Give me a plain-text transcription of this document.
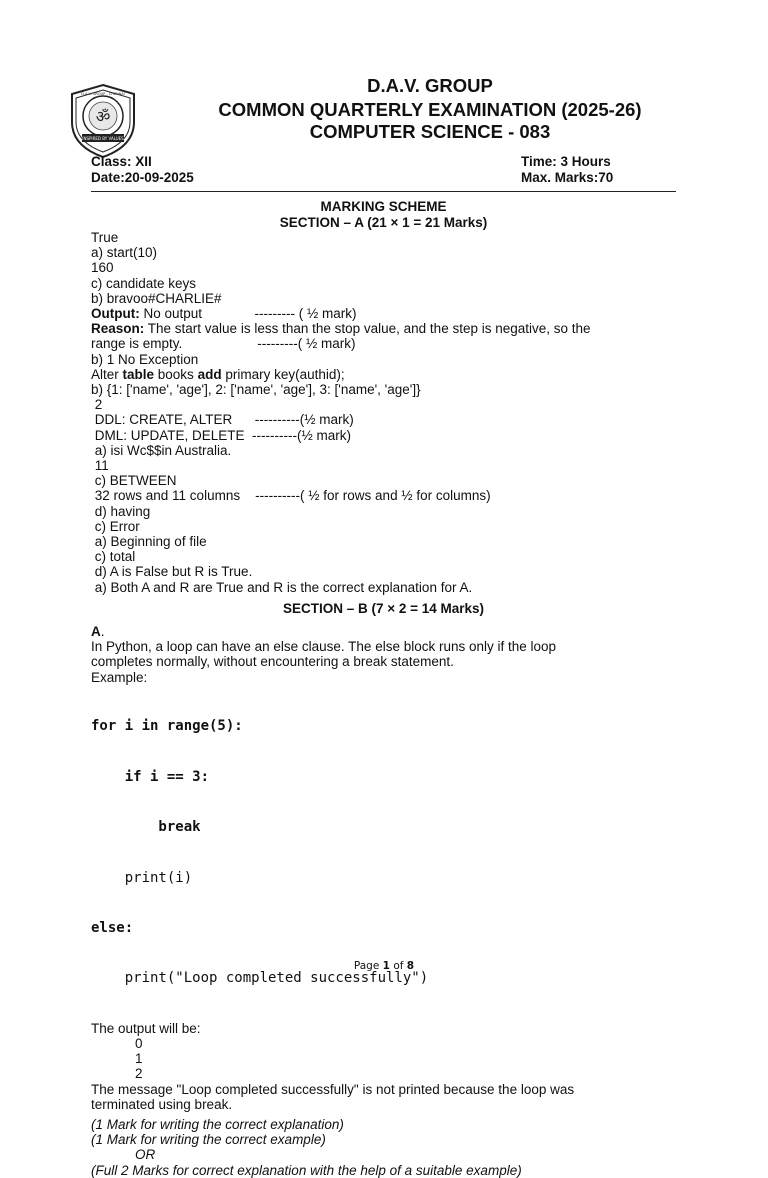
ॐ
INSPIRED BY VALUES
D.A.V. GROUP - CHENNAI	D.A.V. GROUP
COMMON QUARTERLY EXAMINATION (2025-26)
COMPUTER SCIENCE - 083
Class: XII
Date:20-09-2025
Time: 3 Hours
Max. Marks:70
MARKING SCHEME
SECTION – A (21 × 1 = 21 Marks)
True
a) start(10)
160
c) candidate keys
b) bravoo#CHARLIE#
Output: No output              --------- ( ½ mark)
Reason: The start value is less than the stop value, and the step is negative, so the
range is empty.                    ---------( ½ mark)
b) 1 No Exception
Alter table books add primary key(authid);
b) {1: ['name', 'age'], 2: ['name', 'age'], 3: ['name', 'age']}
2
DDL: CREATE, ALTER      ----------(½ mark)
DML: UPDATE, DELETE  ----------(½ mark)
a) isi Wc$$in Australia.
11
c) BETWEEN
32 rows and 11 columns    ----------( ½ for rows and ½ for columns)
d) having
c) Error
a) Beginning of file
c) total
d) A is False but R is True.
a) Both A and R are True and R is the correct explanation for A.
SECTION – B (7 × 2 = 14 Marks)
A.
In Python, a loop can have an else clause. The else block runs only if the loop
completes normally, without encountering a break statement.
Example:

for i in range(5):

if i == 3:

break

print(i)

else:

print("Loop completed successfully")

The output will be:
0
1
2
The message "Loop completed successfully" is not printed because the loop was
terminated using break.
(1 Mark for writing the correct explanation)
(1 Mark for writing the correct example)
OR
(Full 2 Marks for correct explanation with the help of a suitable example)
Page 1 of 8
